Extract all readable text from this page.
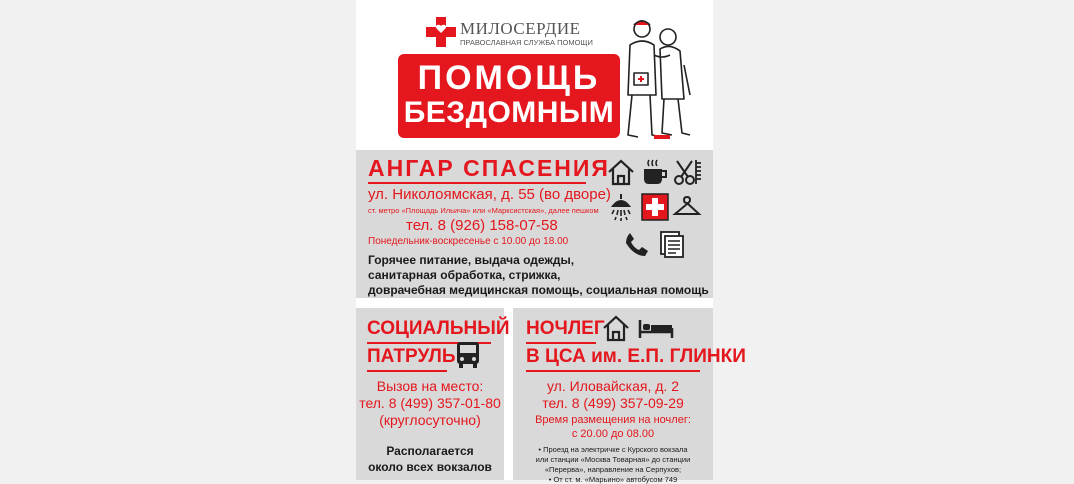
МИЛОСЕРДИЕ
ПРАВОСЛАВНАЯ СЛУЖБА ПОМОЩИ
ПОМОЩЬ
БЕЗДОМНЫМ
АНГАР СПАСЕНИЯ
ул. Николоямская, д. 55 (во дворе)
ст. метро «Площадь Ильича» или «Марксистская», далее пешком
тел. 8 (926) 158-07-58
Понедельник-воскресенье с 10.00 до 18.00
Горячее питание, выдача одежды,
санитарная обработка, стрижка,
доврачебная медицинская помощь, социальная помощь
СОЦИАЛЬНЫЙ
ПАТРУЛЬ
Вызов на место:
тел. 8 (499) 357-01-80
(круглосуточно)
Располагается
около всех вокзалов
НОЧЛЕГ
В ЦСА им. Е.П. ГЛИНКИ
ул. Иловайская, д. 2
тел. 8 (499) 357-09-29
Время размещения на ночлег:
с 20.00 до 08.00
• Проезд на электричке с Курского вокзала
или станции «Москва Товарная» до станции
«Перерва», направление на Серпухов;
• От ст. м. «Марьино» автобусом 749
